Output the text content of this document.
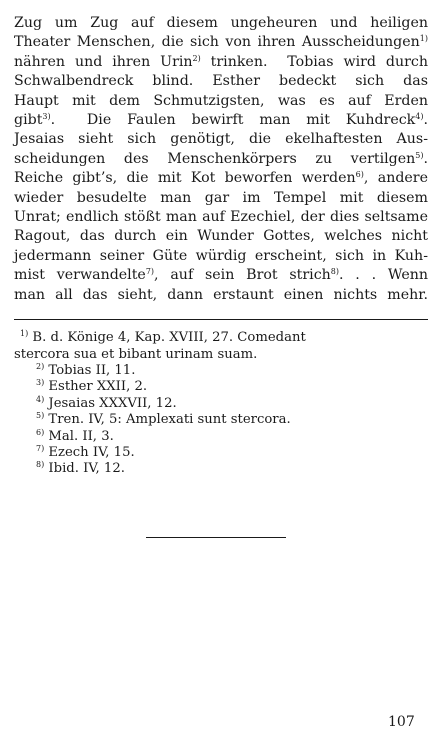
Zug um Zug auf diesem ungeheuren und heiligen
Theater Menschen, die sich von ihren Ausscheidungen$^{1)}$
nähren und ihren Urin$^{2)}$ trinken.  Tobias wird durch
Schwalbendreck blind. Esther bedeckt sich das
Haupt mit dem Schmutzigsten, was es auf Erden
gibt$^{3)}$.  Die Faulen bewirft man mit Kuhdreck$^{4)}$.
Jesaias sieht sich genötigt, die ekelhaftesten Aus-
scheidungen des Menschenkörpers zu vertilgen$^{5)}$.
Reiche gibt’s, die mit Kot beworfen werden$^{6)}$, andere
wieder besudelte man gar im Tempel mit diesem
Unrat; endlich stößt man auf Ezechiel, der dies seltsame
Ragout, das durch ein Wunder Gottes, welches nicht
jedermann seiner Güte würdig erscheint, sich in Kuh-
mist verwandelte$^{7)}$, auf sein Brot strich$^{8)}$. . . Wenn
man all das sieht, dann erstaunt einen nichts mehr.
$^{1)}$ B. d. Könige 4, Kap. XVIII, 27. Comedant
stercora sua et bibant urinam suam.
$^{2)}$ Tobias II, 11.
$^{3)}$ Esther XXII, 2.
$^{4)}$ Jesaias XXXVII, 12.
$^{5)}$ Tren. IV, 5: Amplexati sunt stercora.
$^{6)}$ Mal. II, 3.
$^{7)}$ Ezech IV, 15.
$^{8)}$ Ibid. IV, 12.
107
